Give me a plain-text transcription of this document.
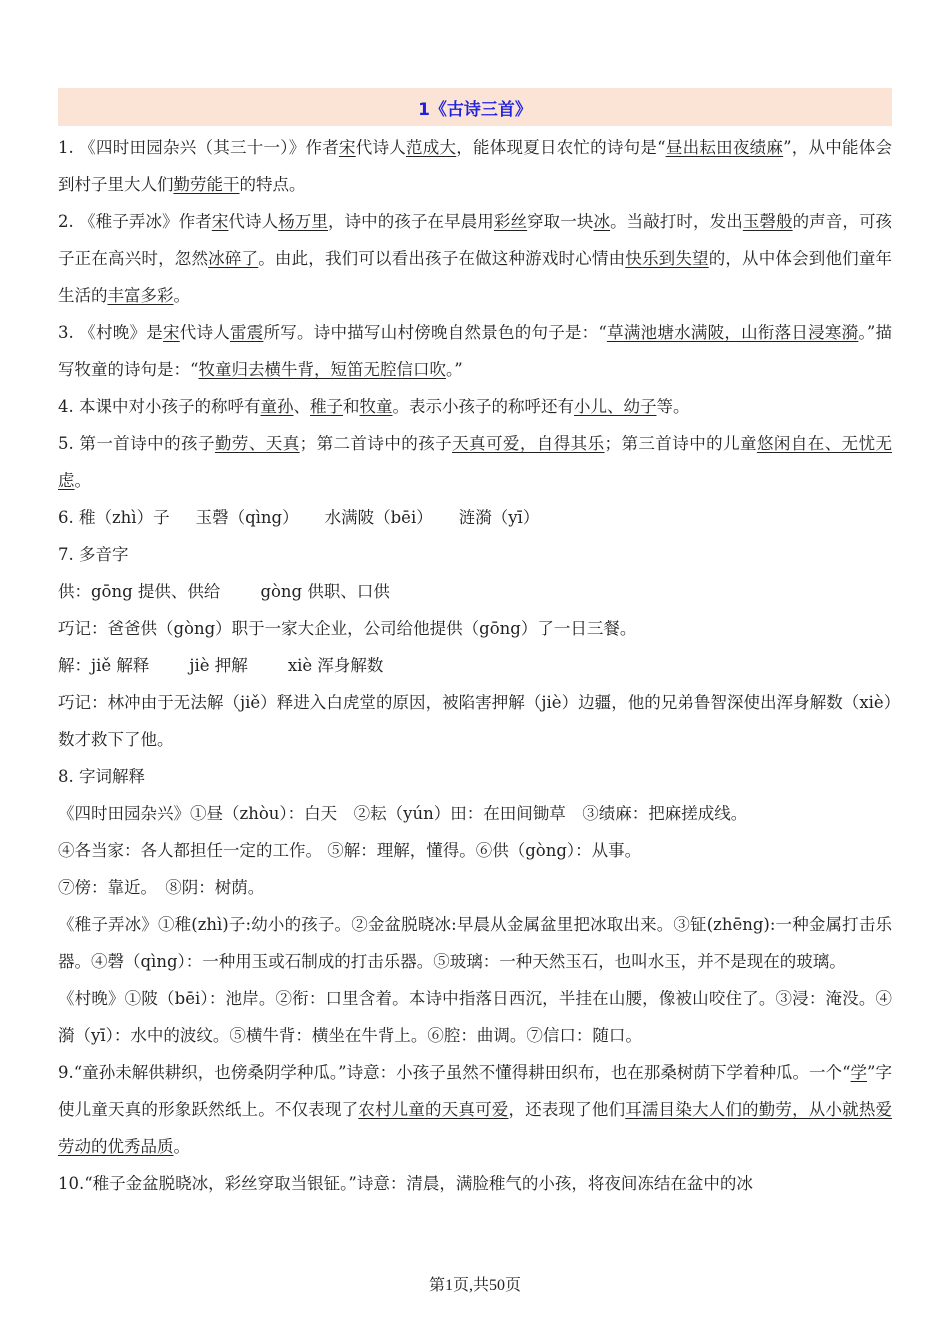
1《古诗三首》

1. 《四时田园杂兴（其三十一）》作者宋代诗人范成大，能体现夏日农忙的诗句是“昼出耘田夜绩麻”，从中能体会到村子里大人们勤劳能干的特点。

2. 《稚子弄冰》作者宋代诗人杨万里，诗中的孩子在早晨用彩丝穿取一块冰。当敲打时，发出玉磬般的声音，可孩子正在高兴时，忽然冰碎了。由此，我们可以看出孩子在做这种游戏时心情由快乐到失望的，从中体会到他们童年生活的丰富多彩。

3. 《村晚》是宋代诗人雷震所写。诗中描写山村傍晚自然景色的句子是：“草满池塘水满陂，山衔落日浸寒漪。”描写牧童的诗句是：“牧童归去横牛背，短笛无腔信口吹。”

4. 本课中对小孩子的称呼有童孙、稚子和牧童。表示小孩子的称呼还有小儿、幼子等。

5. 第一首诗中的孩子勤劳、天真；第二首诗中的孩子天真可爱，自得其乐；第三首诗中的儿童悠闲自在、无忧无虑。

6. 稚（zhì）子 玉磬（qìng） 水满陂（bēi） 涟漪（yī）

7. 多音字

供：gōng 提供、供给 gòng 供职、口供

巧记：爸爸供（gòng）职于一家大企业，公司给他提供（gōng）了一日三餐。

解：jiě 解释 jiè 押解 xiè 浑身解数

巧记：林冲由于无法解（jiě）释进入白虎堂的原因，被陷害押解（jiè）边疆，他的兄弟鲁智深使出浑身解数（xiè）数才救下了他。

8. 字词解释

《四时田园杂兴》①昼（zhòu）：白天　②耘（yún）田：在田间锄草　③绩麻：把麻搓成线。

④各当家：各人都担任一定的工作。 ⑤解：理解，懂得。⑥供（gòng）：从事。

⑦傍：靠近。　⑧阴：树荫。

《稚子弄冰》①稚(zhì)子:幼小的孩子。②金盆脱晓冰:早晨从金属盆里把冰取出来。③钲(zhēng):一种金属打击乐器。④磬（qìng）：一种用玉或石制成的打击乐器。⑤玻璃：一种天然玉石，也叫水玉，并不是现在的玻璃。

《村晚》①陂（bēi）：池岸。②衔：口里含着。本诗中指落日西沉，半挂在山腰，像被山咬住了。③浸：淹没。④漪（yī）：水中的波纹。⑤横牛背：横坐在牛背上。⑥腔：曲调。⑦信口：随口。

9.“童孙未解供耕织，也傍桑阴学种瓜。”诗意：小孩子虽然不懂得耕田织布，也在那桑树荫下学着种瓜。一个“学”字使儿童天真的形象跃然纸上。不仅表现了农村儿童的天真可爱，还表现了他们耳濡目染大人们的勤劳，从小就热爱劳动的优秀品质。

10.“稚子金盆脱晓冰，彩丝穿取当银钲。”诗意：清晨，满脸稚气的小孩，将夜间冻结在盆中的冰

第1页,共50页
